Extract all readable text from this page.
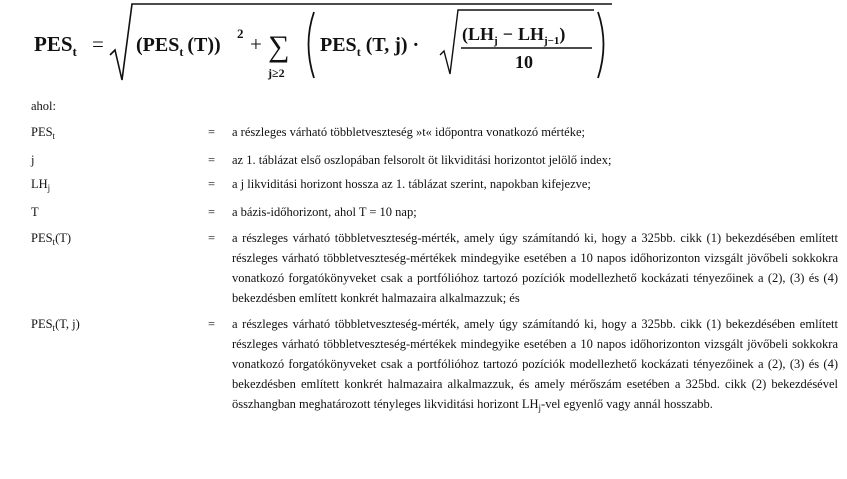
$PES_t = (PES_t$ (T))
2 + ∑
j≥2
$PES_t$ (T, $j) \cdot (LH_j - LH_{j-1})$
10
ahol:
$PES_t$	=	a részleges várható többletveszteség »t« időpontra vonatkozó mértéke;
j	=	az 1. táblázat első oszlopában felsorolt öt likviditási horizontot jelölő index;
$LH_j$	=	a j likviditási horizont hossza az 1. táblázat szerint, napokban kifejezve;
T	=	a bázis-időhorizont, ahol T = 10 nap;
$PES_t(T)$	=	a részleges várható többletveszteség-mérték, amely úgy számítandó ki, hogy a 325bb. cikk (1) bekezdésében említett részleges várható többletveszteség-mértékek mindegyike esetében a 10 napos időhorizonton vizsgált jövőbeli sokkokra vonatkozó forgatókönyveket csak a portfólióhoz tartozó pozíciók modellezhető kockázati tényezőinek a (2), (3) és (4) bekezdésben említett konkrét halmazaira alkalmazzuk; és
$PES_t(T$, j)	=	a részleges várható többletveszteség-mérték, amely úgy számítandó ki, hogy a 325bb. cikk (1) bekezdésében említett részleges várható többletveszteség-mértékek mindegyike esetében a 10 napos időhorizonton vizsgált jövőbeli sokkokra vonatkozó forgatókönyveket csak a portfólióhoz tartozó pozíciók modellezhető kockázati tényezőinek a (2), (3) és (4) bekezdésben említett konkrét halmazaira alkalmazzuk, és amely mérőszám esetében a 325bd. cikk (2) bekezdésével összhangban meghatározott tényleges likviditási horizont $LH_j$-vel egyenlő vagy annál hosszabb.
